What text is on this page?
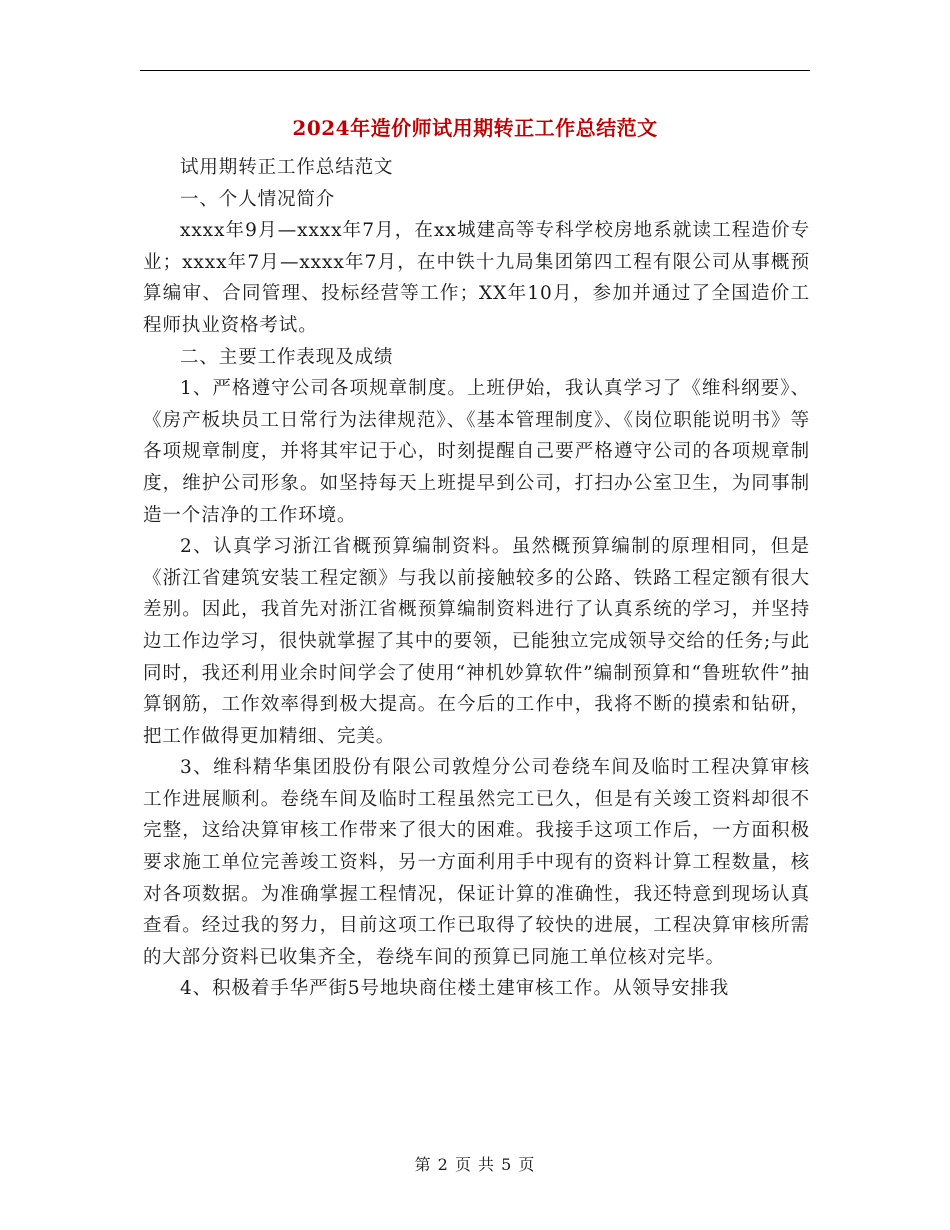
2024年造价师试用期转正工作总结范文

试用期转正工作总结范文

一、个人情况简介

xxxx年9月—xxxx年7月，在xx城建高等专科学校房地系就读工程造价专业；xxxx年7月—xxxx年7月，在中铁十九局集团第四工程有限公司从事概预算编审、合同管理、投标经营等工作；XX年10月，参加并通过了全国造价工程师执业资格考试。

二、主要工作表现及成绩

1、严格遵守公司各项规章制度。上班伊始，我认真学习了《维科纲要》、《房产板块员工日常行为法律规范》、《基本管理制度》、《岗位职能说明书》等各项规章制度，并将其牢记于心，时刻提醒自己要严格遵守公司的各项规章制度，维护公司形象。如坚持每天上班提早到公司，打扫办公室卫生，为同事制造一个洁净的工作环境。

2、认真学习浙江省概预算编制资料。虽然概预算编制的原理相同，但是《浙江省建筑安装工程定额》与我以前接触较多的公路、铁路工程定额有很大差别。因此，我首先对浙江省概预算编制资料进行了认真系统的学习，并坚持边工作边学习，很快就掌握了其中的要领，已能独立完成领导交给的任务;与此同时，我还利用业余时间学会了使用“神机妙算软件”编制预算和“鲁班软件”抽算钢筋，工作效率得到极大提高。在今后的工作中，我将不断的摸索和钻研，把工作做得更加精细、完美。

3、维科精华集团股份有限公司敦煌分公司卷绕车间及临时工程决算审核工作进展顺利。卷绕车间及临时工程虽然完工已久，但是有关竣工资料却很不完整，这给决算审核工作带来了很大的困难。我接手这项工作后，一方面积极要求施工单位完善竣工资料，另一方面利用手中现有的资料计算工程数量，核对各项数据。为准确掌握工程情况，保证计算的准确性，我还特意到现场认真查看。经过我的努力，目前这项工作已取得了较快的进展，工程决算审核所需的大部分资料已收集齐全，卷绕车间的预算已同施工单位核对完毕。

4、积极着手华严街5号地块商住楼土建审核工作。从领导安排我

第 2 页 共 5 页
